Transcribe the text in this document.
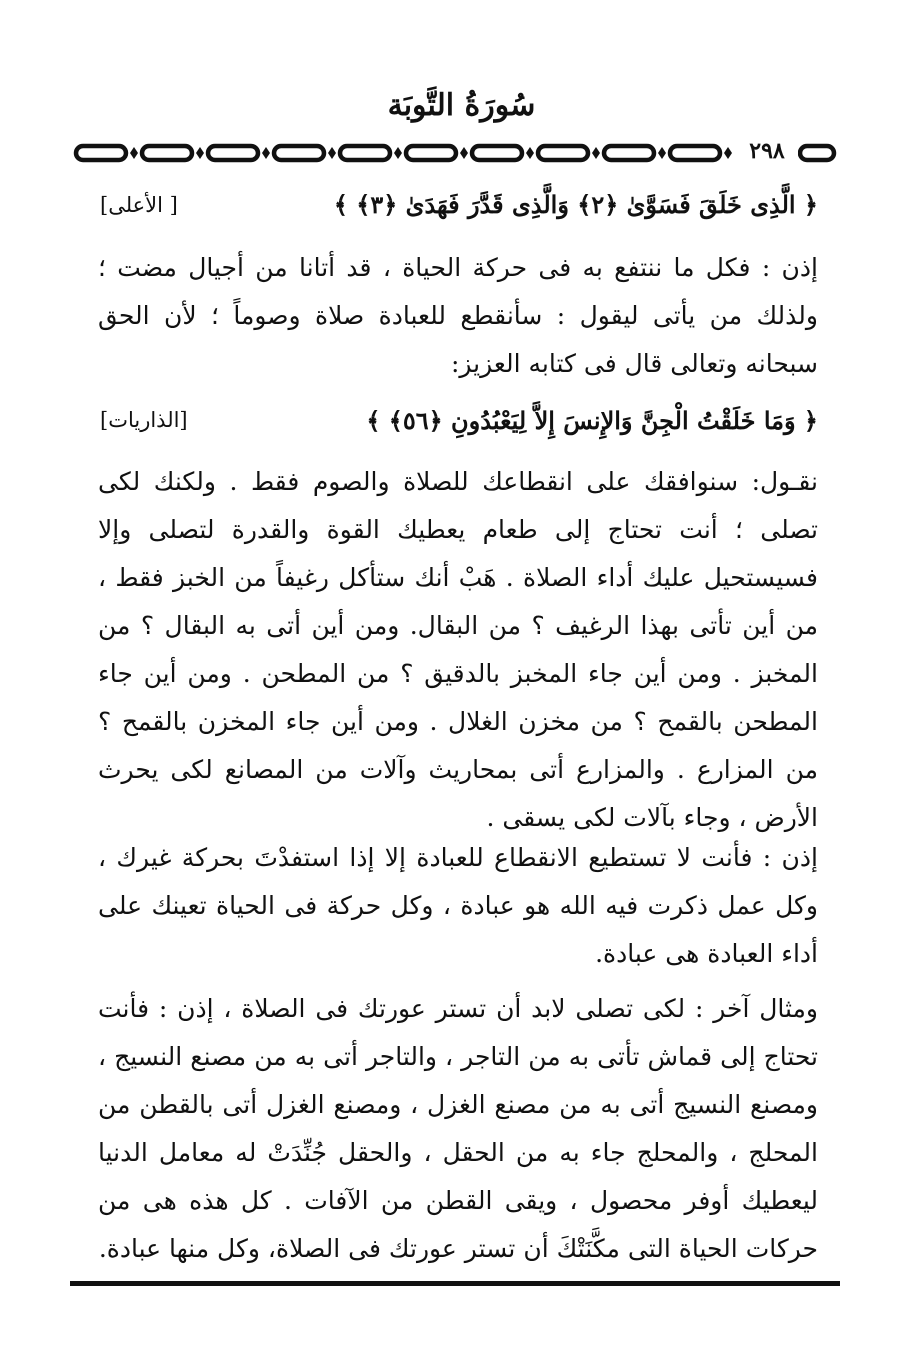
سُورَةُ التَّوبَة
٢٩٨
﴿ الَّذِى خَلَقَ فَسَوَّىٰ ﴿٢﴾ وَالَّذِى قَدَّرَ فَهَدَىٰ ﴿٣﴾ ﴾
[ الأعلى]

إذن : فكل ما ننتفع به فى حركة الحياة ، قد أتانا من أجيال مضت ؛ ولذلك من يأتى ليقول : سأنقطع للعبادة صلاة وصوماً ؛ لأن الحق سبحانه وتعالى قال فى كتابه العزيز:

﴿ وَمَا خَلَقْتُ الْجِنَّ وَالإِنسَ إِلاَّ لِيَعْبُدُونِ ﴿٥٦﴾ ﴾
[الذاريات]

نقـول: سنوافقك على انقطاعك للصلاة والصوم فقط . ولكنك لكى تصلى ؛ أنت تحتاج إلى طعام يعطيك القوة والقدرة لتصلى وإلا فسيستحيل عليك أداء الصلاة . هَبْ أنك ستأكل رغيفاً من الخبز فقط ، من أين تأتى بهذا الرغيف ؟ من البقال. ومن أين أتى به البقال ؟ من المخبز . ومن أين جاء المخبز بالدقيق ؟ من المطحن . ومن أين جاء المطحن بالقمح ؟ من مخزن الغلال . ومن أين جاء المخزن بالقمح ؟ من المزارع . والمزارع أتى بمحاريث وآلات من المصانع لكى يحرث الأرض ، وجاء بآلات لكى يسقى .

إذن : فأنت لا تستطيع الانقطاع للعبادة إلا إذا استفدْتَ بحركة غيرك ، وكل عمل ذكرت فيه الله هو عبادة ، وكل حركة فى الحياة تعينك على أداء العبادة هى عبادة.

ومثال آخر : لكى تصلى لابد أن تستر عورتك فى الصلاة ، إذن : فأنت تحتاج إلى قماش تأتى به من التاجر ، والتاجر أتى به من مصنع النسيج ، ومصنع النسيج أتى به من مصنع الغزل ، ومصنع الغزل أتى بالقطن من المحلج ، والمحلج جاء به من الحقل ، والحقل جُنِّدَتْ له معامل الدنيا ليعطيك أوفر محصول ، ويقى القطن من الآفات . كل هذه هى من حركات الحياة التى مكَّنَتْكَ أن تستر عورتك فى الصلاة، وكل منها عبادة.
